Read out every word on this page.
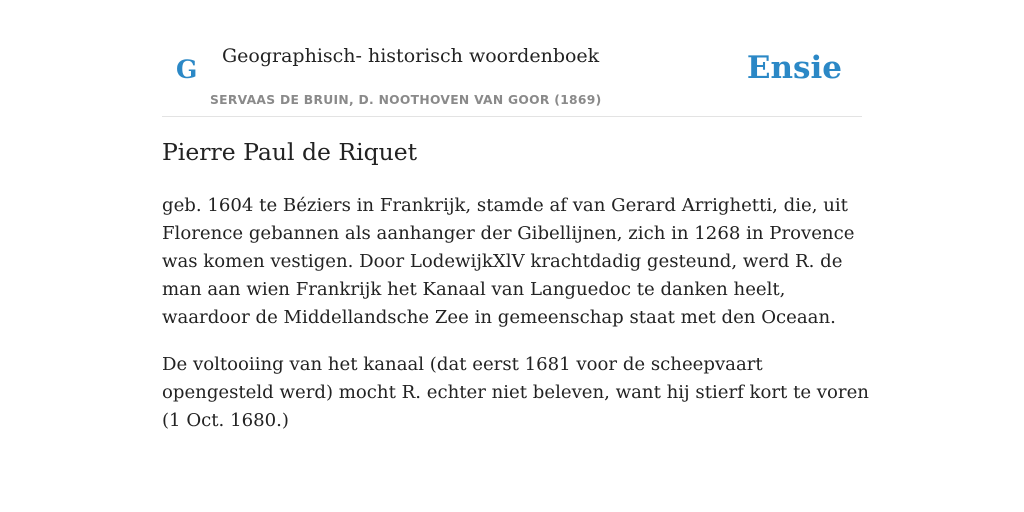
G Geographisch- historisch woordenboek
SERVAAS DE BRUIN, D. NOOTHOVEN VAN GOOR (1869)
Ensie
Pierre Paul de Riquet

geb. 1604 te Béziers in Frankrijk, stamde af van Gerard Arrighetti, die, uit Florence gebannen als aanhanger der Gibellijnen, zich in 1268 in Provence was komen vestigen. Door LodewijkXlV krachtdadig gesteund, werd R. de man aan wien Frankrijk het Kanaal van Languedoc te danken heelt, waardoor de Middellandsche Zee in gemeenschap staat met den Oceaan.

De voltooiing van het kanaal (dat eerst 1681 voor de scheepvaart opengesteld werd) mocht R. echter niet beleven, want hij stierf kort te voren (1 Oct. 1680.)
